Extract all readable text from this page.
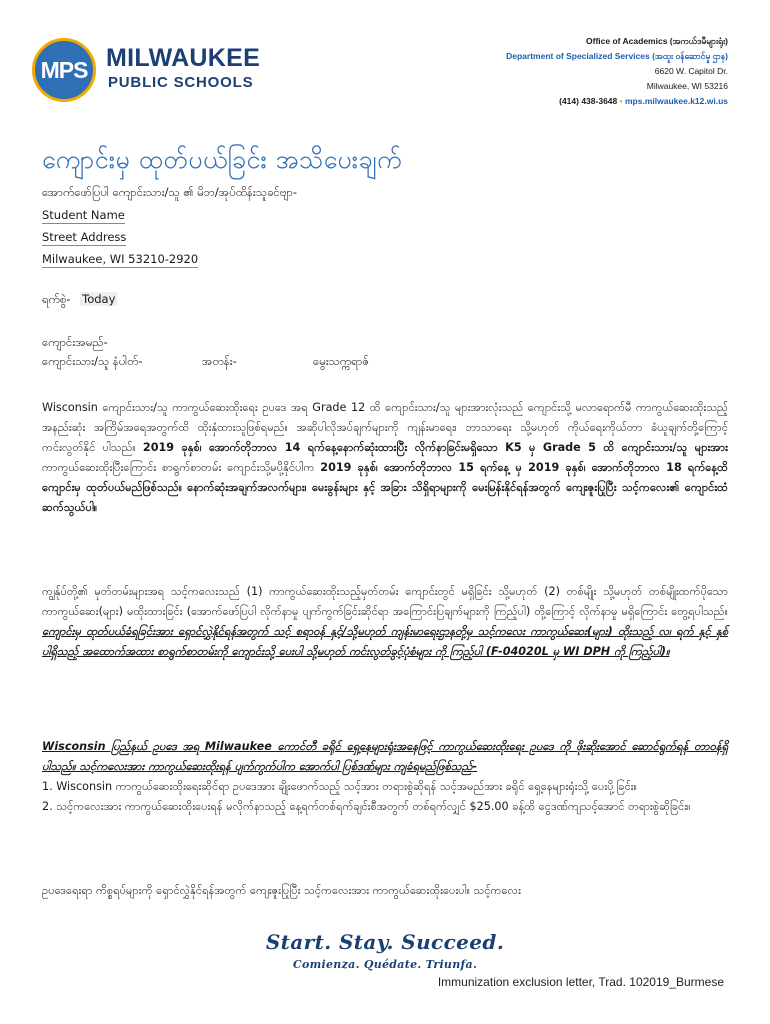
MPS MILWAUKEE
PUBLIC SCHOOLS
Office of Academics (အကယ်ဒမီများရုံး)
Department of Specialized Services (အထူး ဝန်ဆောင်မှု ဌာန)
6620 W. Capitol Dr.
Milwaukee, WI 53216
(414) 438-3648 • mps.milwaukee.k12.wi.us
ကျောင်းမှ ထုတ်ပယ်ခြင်း အသိပေးချက်
အောက်ဖော်ပြပါ ကျောင်းသား/သူ ၏ မိဘ/အုပ်ထိန်းသူခင်ဗျာ-
Student Name
Street Address
Milwaukee, WI 53210-2920
ရက်စွဲ- Today
ကျောင်းအမည်-
ကျောင်းသား/သူ နံပါတ်-	အတန်း-	မွေးသက္ကရာဇ်
Wisconsin ကျောင်းသား/သူ ကာကွယ်ဆေးထိုးရေး ဥပဒေ အရ Grade 12 ထိ ကျောင်းသား/သူ များအားလုံးသည် ကျောင်းသို့ မလာရောက်မီ ကာကွယ်ဆေးထိုးသည့် အနည်းဆုံး အကြိမ်အရေအတွက်ထိ ထိုးနှံထားသူဖြစ်ရမည်။ အဆိုပါလိုအပ်ချက်များကို ကျန်းမာရေး၊ ဘာသာရေး သို့မဟုတ် ကိုယ်ရေးကိုယ်တာ ခံယူချက်တို့ကြောင့် ကင်းလွတ်နိုင် ပါသည်။ 2019 ခုနှစ်၊ အောက်တိုဘာလ 14 ရက်နေ့နောက်ဆုံးထားပြီး လိုက်နာခြင်းမရှိသော K5 မှ Grade 5 ထိ ကျောင်းသား/သူ များအား ကာကွယ်ဆေးထိုးပြီးကြောင်း စာရွက်စာတမ်း ကျောင်းသို့မပို့နိုင်ပါက 2019 ခုနှစ်၊ အောက်တိုဘာလ 15 ရက်နေ့ မှ 2019 ခုနှစ်၊ အောက်တိုဘာလ 18 ရက်နေ့ထိ ကျောင်းမှ ထုတ်ပယ်မည်ဖြစ်သည်။ နောက်ဆုံးအချက်အလက်များ၊ မေးခွန်းများ နှင့် အခြား သိရှိရာများကို မေးမြန်းနိုင်ရန်အတွက် ကျေးဇူးပြုပြီး သင့်ကလေး၏ ကျောင်းထံ ဆက်သွယ်ပါ။
ကျွန်ုပ်တို့၏ မှတ်တမ်းများအရ သင့်ကလေးသည် (1) ကာကွယ်ဆေးထိုးသည့်မှတ်တမ်း ကျောင်းတွင် မရှိခြင်း သို့မဟုတ် (2) တစ်မျိုး သို့မဟုတ် တစ်မျိုးထက်ပိုသော ကာကွယ်ဆေး(များ) မထိုးထားခြင်း (အောက်ဖော်ပြပါ လိုက်နာမှု ပျက်ကွက်ခြင်းဆိုင်ရာ အကြောင်းပြချက်များကို ကြည့်ပါ) တို့ကြောင့် လိုက်နာမှု မရှိကြောင်း တွေ့ရပါသည်။ ကျောင်းမှ ထုတ်ပယ်ခံရခြင်းအား ရှောင်လွှဲနိုင်ရန်အတွက် သင့် စရာဝန် နှင့်/သို့မဟုတ် ကျန်းမာရေးဌာနတို့မှ သင့်ကလေး ကာကွယ်ဆေး(များ) ထိုးသည့် လ၊ ရက် နှင့် နှစ် ပါရှိသည့် အထောက်အထား စာရွက်စာတမ်းကို ကျောင်းသို့ ပေးပါ သို့မဟုတ် ကင်းလွတ်ခွင့်ပုံစံများ ကို ကြည့်ပါ (F-04020L မှ WI DPH ကို ကြည့်ပါ)။
Wisconsin ပြည်နယ် ဥပဒေ အရ Milwaukee ကောင်တီ ခရိုင် ရှေ့နေများရုံးအနေဖြင့် ကာကွယ်ဆေးထိုးရေး ဥပဒေ ကို ဖိုးဆိုးအောင် ဆောင်ရွက်ရန် တာဝန်ရှိပါသည်။ သင့်ကလေးအား ကာကွယ်ဆေးထိုးရန် ပျက်ကွက်ပါက အောက်ပါ ပြစ်ဒဏ်များ ကျခံရမည်ဖြစ်သည်-
1. Wisconsin ကာကွယ်ဆေးထိုးရေးဆိုင်ရာ ဥပဒေအား ချိုးဖောက်သည့် သင့်အား တရားစွဲဆိုရန် သင့်အမည်အား ခရိုင် ရှေ့နေများရုံးသို့ ပေးပို့ခြင်း။
2. သင့်ကလေးအား ကာကွယ်ဆေးထိုးပေးရန် မလိုက်နာသည့် နေ့ရက်တစ်ရက်ချင်းစီအတွက် တစ်ရက်လျှင် $25.00 ခန့်ထိ ငွေဒဏ်ကျသင့်အောင် တရားစွဲဆိုခြင်း။
ဥပဒေရေးရာ ကိစ္စရပ်များကို ရှောင်လွှဲနိုင်ရန်အတွက် ကျေးဇူးပြုပြီး သင့်ကလေးအား ကာကွယ်ဆေးထိုးပေးပါ။ သင့်ကလေး
Start. Stay. Succeed.
Comienza. Quédate. Triunfa.
Immunization exclusion letter, Trad. 102019_Burmese
